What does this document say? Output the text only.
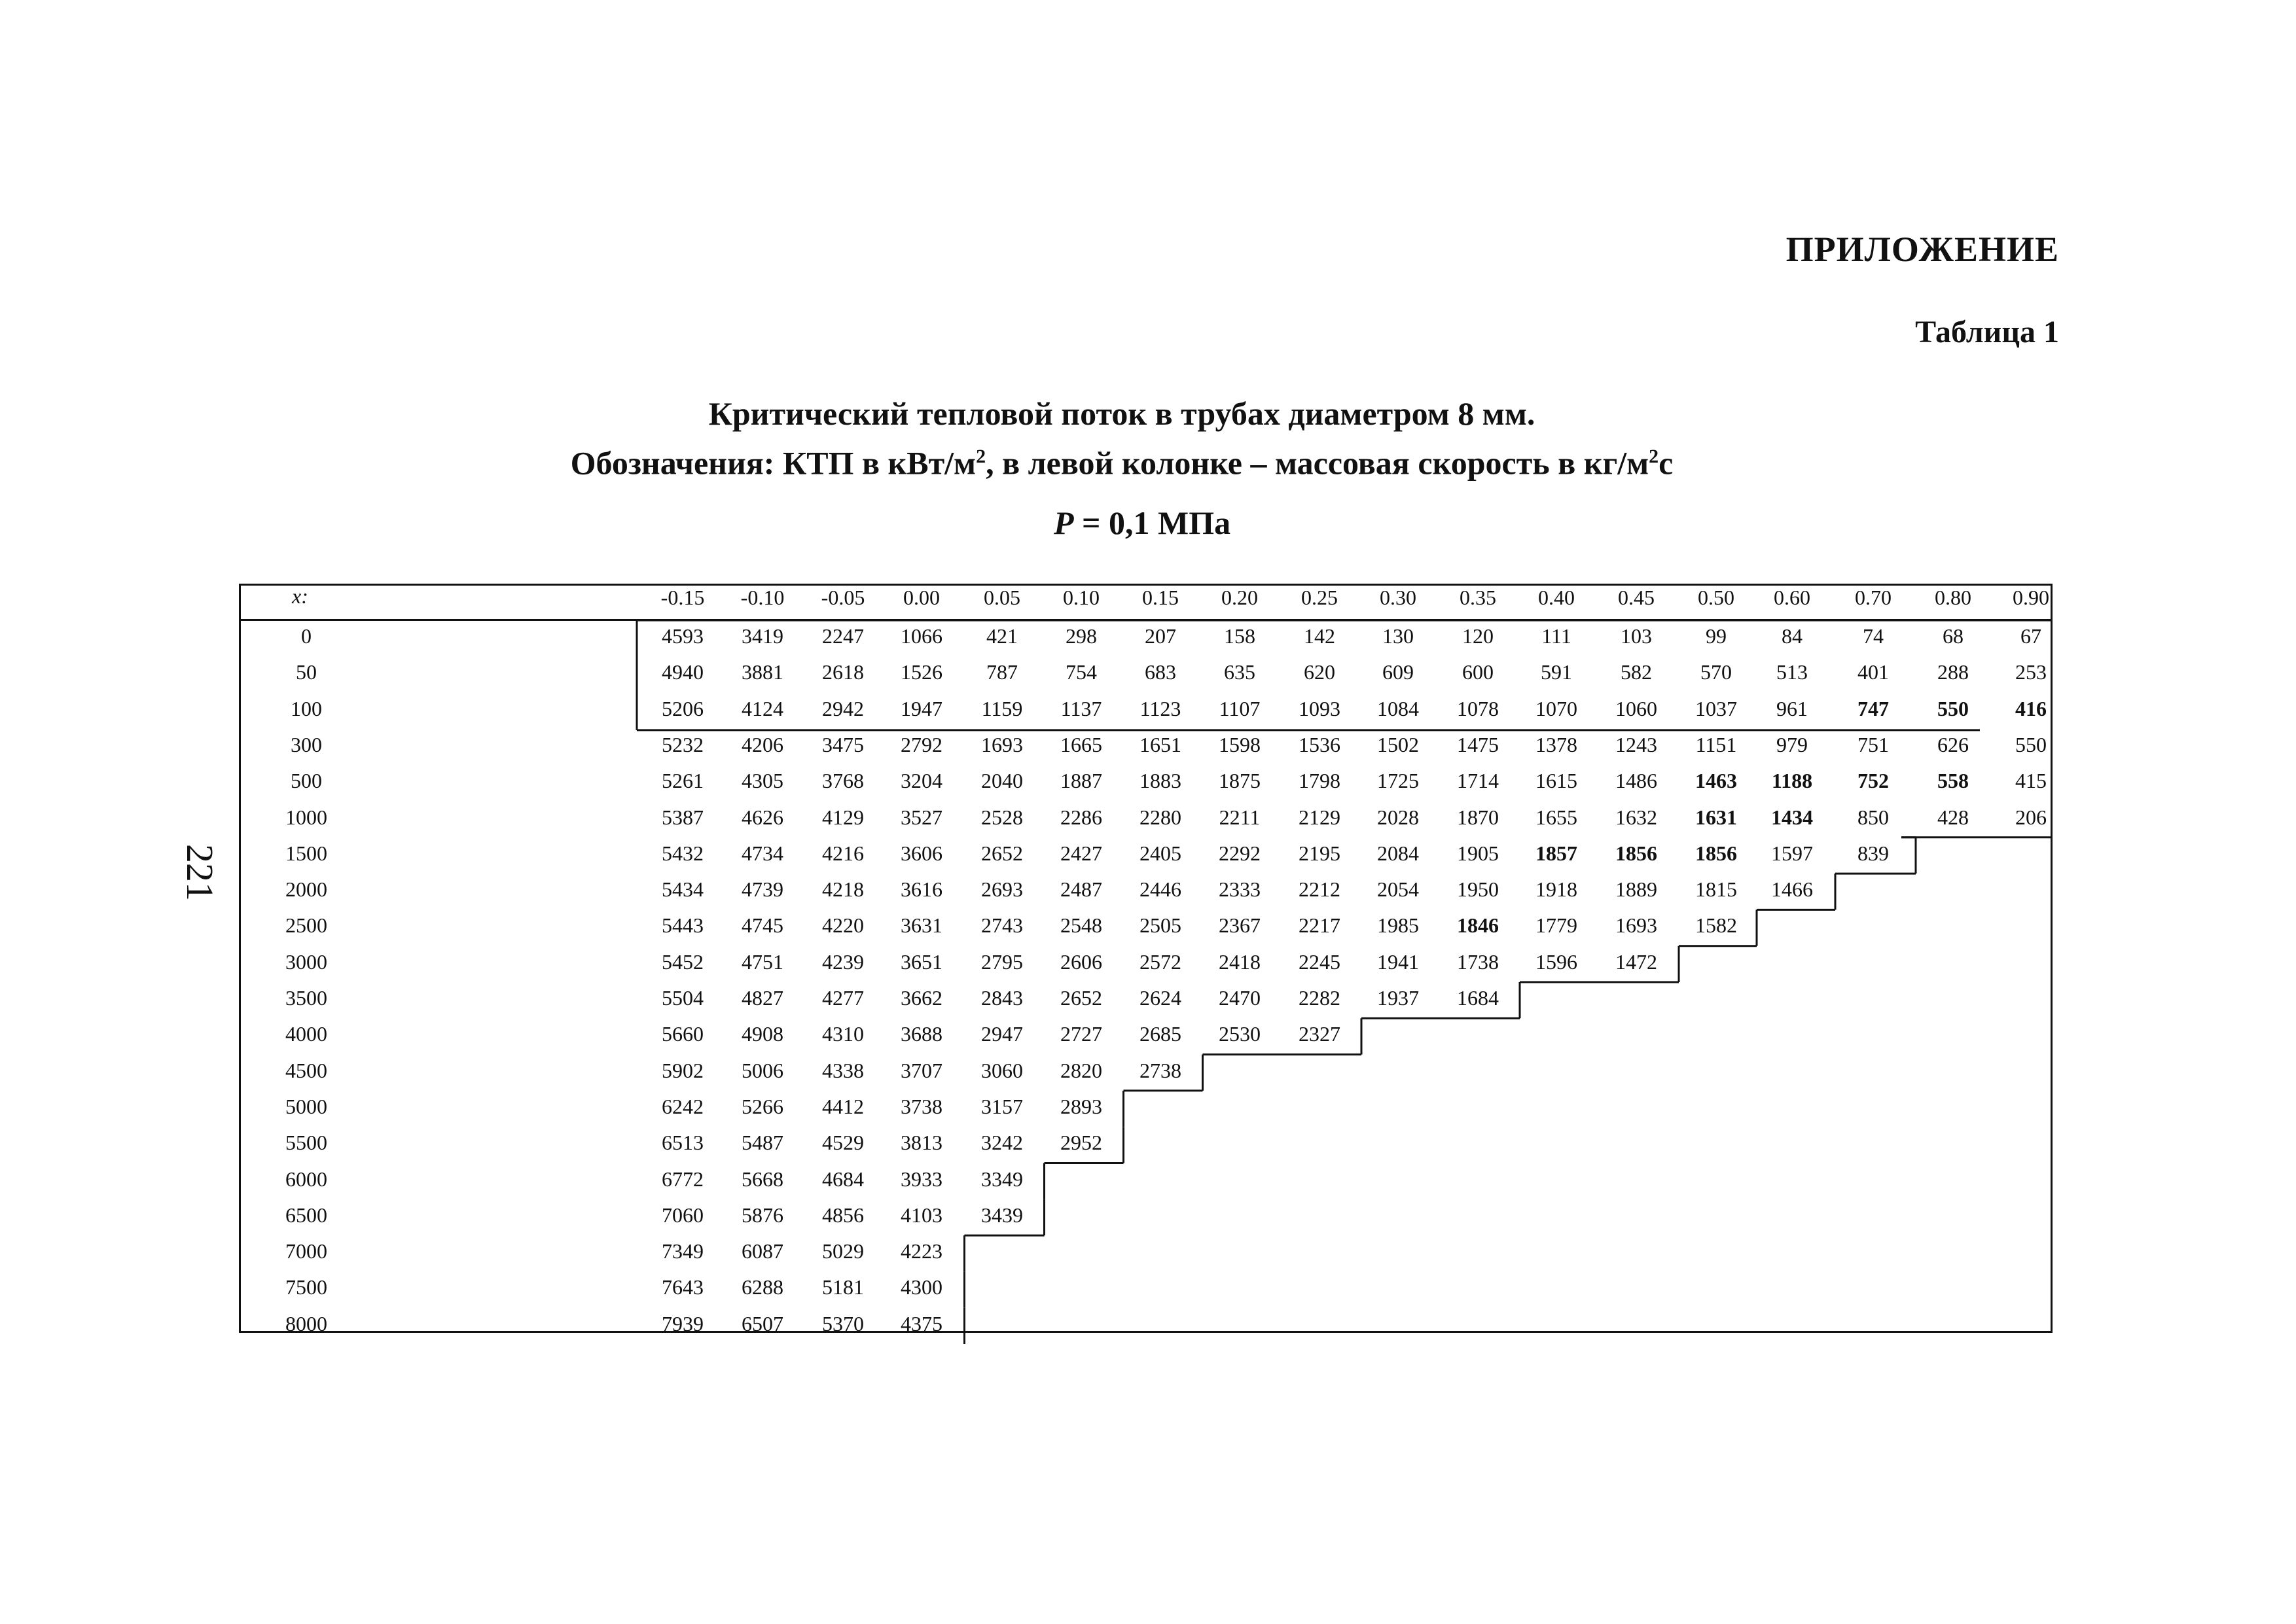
ПРИЛОЖЕНИЕ
Таблица 1
Критический тепловой поток в трубах диаметром 8 мм.
Обозначения: КТП в кВт/$м^2$, в левой колонке – массовая скорость в $кг/м^2с$
P = 0,1 МПа
221
x:	-0.15	-0.10	-0.05	0.00	0.05	0.10	0.15	0.20	0.25	0.30	0.35	0.40	0.45	0.50	0.60	0.70	0.80	0.90
0	4593	3419	2247	1066	421	298	207	158	142	130	120	111	103	99	84	74	68	67
50	4940	3881	2618	1526	787	754	683	635	620	609	600	591	582	570	513	401	288	253
100	5206	4124	2942	1947	1159	1137	1123	1107	1093	1084	1078	1070	1060	1037	961	747	550	416
300	5232	4206	3475	2792	1693	1665	1651	1598	1536	1502	1475	1378	1243	1151	979	751	626	550
500	5261	4305	3768	3204	2040	1887	1883	1875	1798	1725	1714	1615	1486	1463	1188	752	558	415
1000	5387	4626	4129	3527	2528	2286	2280	2211	2129	2028	1870	1655	1632	1631	1434	850	428	206
1500	5432	4734	4216	3606	2652	2427	2405	2292	2195	2084	1905	1857	1856	1856	1597	839
2000	5434	4739	4218	3616	2693	2487	2446	2333	2212	2054	1950	1918	1889	1815	1466
2500	5443	4745	4220	3631	2743	2548	2505	2367	2217	1985	1846	1779	1693	1582
3000	5452	4751	4239	3651	2795	2606	2572	2418	2245	1941	1738	1596	1472
3500	5504	4827	4277	3662	2843	2652	2624	2470	2282	1937	1684
4000	5660	4908	4310	3688	2947	2727	2685	2530	2327
4500	5902	5006	4338	3707	3060	2820	2738
5000	6242	5266	4412	3738	3157	2893
5500	6513	5487	4529	3813	3242	2952
6000	6772	5668	4684	3933	3349
6500	7060	5876	4856	4103	3439
7000	7349	6087	5029	4223
7500	7643	6288	5181	4300
8000	7939	6507	5370	4375
